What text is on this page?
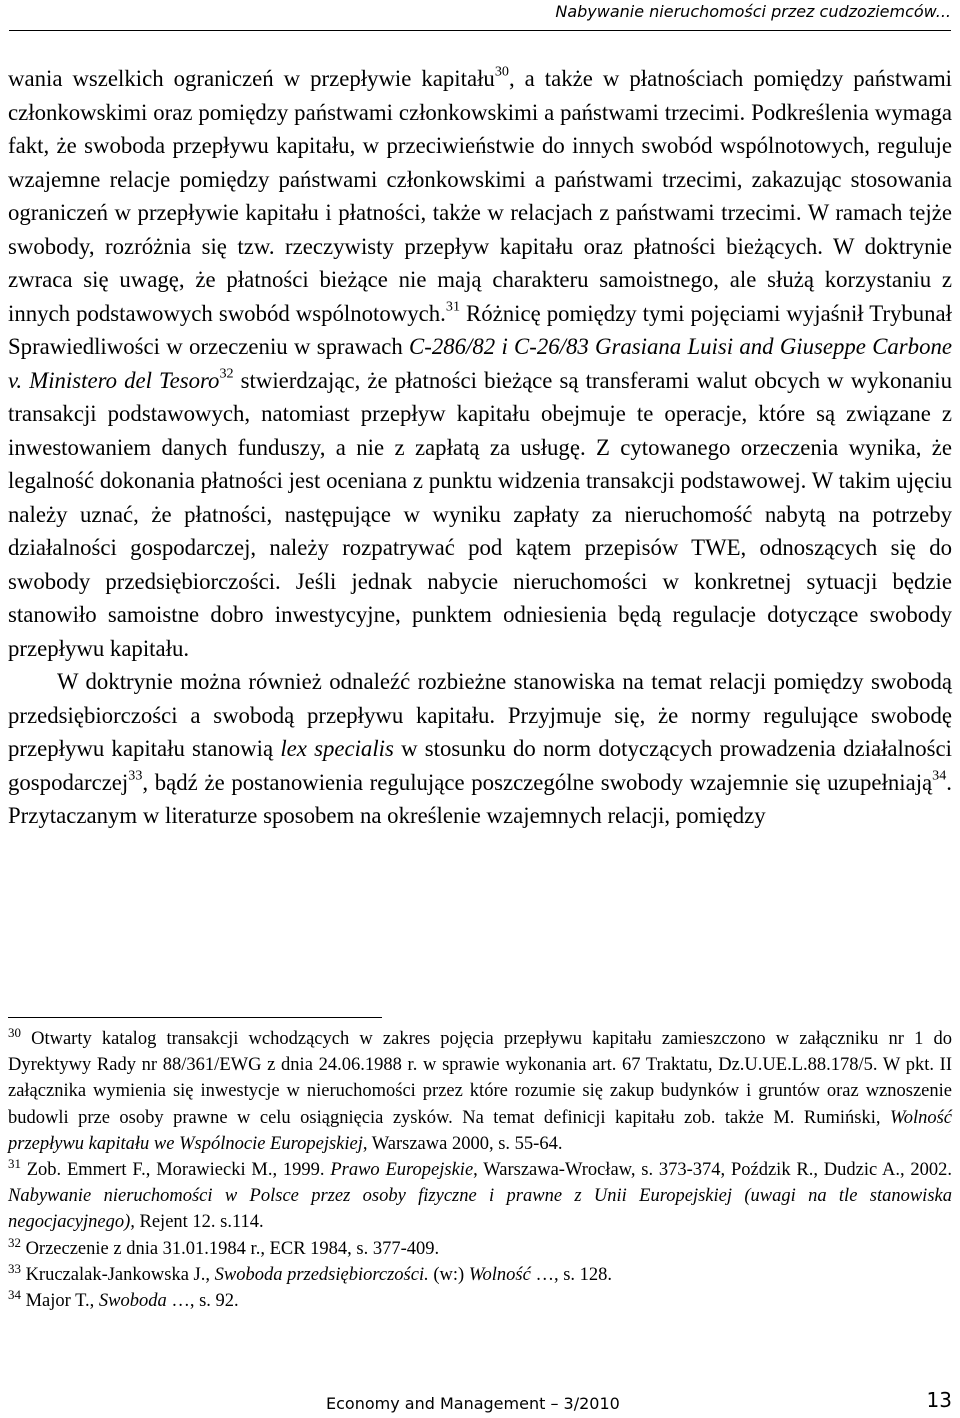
Nabywanie nieruchomości przez cudzoziemców...

wania wszelkich ograniczeń w przepływie kapitału$^{30}$, a także w płatnościach pomiędzy państwami członkowskimi oraz pomiędzy państwami członkowskimi a państwami trzecimi. Podkreślenia wymaga fakt, że swoboda przepływu kapitału, w przeciwieństwie do innych swobód wspólnotowych, reguluje wzajemne relacje pomiędzy państwami członkowskimi a państwami trzecimi, zakazując stosowania ograniczeń w przepływie kapitału i płatności, także w relacjach z państwami trzecimi. W ramach tejże swobody, rozróżnia się tzw. rzeczywisty przepływ kapitału oraz płatności bieżących. W doktrynie zwraca się uwagę, że płatności bieżące nie mają charakteru samoistnego, ale służą korzystaniu z innych podstawowych swobód wspólnotowych.$^{31}$ Różnicę pomiędzy tymi pojęciami wyjaśnił Trybunał Sprawiedliwości w orzeczeniu w sprawach C-286/82 i C-26/83 Grasiana Luisi and Giuseppe Carbone v. Ministero del Tesoro$^{32}$ stwierdzając, że płatności bieżące są transferami walut obcych w wykonaniu transakcji podstawowych, natomiast przepływ kapitału obejmuje te operacje, które są związane z inwestowaniem danych funduszy, a nie z zapłatą za usługę. Z cytowanego orzeczenia wynika, że legalność dokonania płatności jest oceniana z punktu widzenia transakcji podstawowej. W takim ujęciu należy uznać, że płatności, następujące w wyniku zapłaty za nieruchomość nabytą na potrzeby działalności gospodarczej, należy rozpatrywać pod kątem przepisów TWE, odnoszących się do swobody przedsiębiorczości. Jeśli jednak nabycie nieruchomości w konkretnej sytuacji będzie stanowiło samoistne dobro inwestycyjne, punktem odniesienia będą regulacje dotyczące swobody przepływu kapitału.

W doktrynie można również odnaleźć rozbieżne stanowiska na temat relacji pomiędzy swobodą przedsiębiorczości a swobodą przepływu kapitału. Przyjmuje się, że normy regulujące swobodę przepływu kapitału stanowią lex specialis w stosunku do norm dotyczących prowadzenia działalności gospodarczej$^{33}$, bądź że postanowienia regulujące poszczególne swobody wzajemnie się uzupełniają$^{34}$. Przytaczanym w literaturze sposobem na określenie wzajemnych relacji, pomiędzy

$^{30}$ Otwarty katalog transakcji wchodzących w zakres pojęcia przepływu kapitału zamieszczono w załączniku nr 1 do Dyrektywy Rady nr 88/361/EWG z dnia 24.06.1988 r. w sprawie wykonania art. 67 Traktatu, Dz.U.UE.L.88.178/5. W pkt. II załącznika wymienia się inwestycje w nieruchomości przez które rozumie się zakup budynków i gruntów oraz wznoszenie budowli prze osoby prawne w celu osiągnięcia zysków. Na temat definicji kapitału zob. także M. Rumiński, Wolność przepływu kapitału we Wspólnocie Europejskiej, Warszawa 2000, s. 55-64.

$^{31}$ Zob. Emmert F., Morawiecki M., 1999. Prawo Europejskie, Warszawa-Wrocław, s. 373-374, Poździk R., Dudzic A., 2002. Nabywanie nieruchomości w Polsce przez osoby fizyczne i prawne z Unii Europejskiej (uwagi na tle stanowiska negocjacyjnego), Rejent 12. s.114.

$^{32}$ Orzeczenie z dnia 31.01.1984 r., ECR 1984, s. 377-409.

$^{33}$ Kruczalak-Jankowska J., Swoboda przedsiębiorczości. (w:) Wolność …, s. 128.

$^{34}$ Major T., Swoboda …, s. 92.

Economy and Management – 3/2010	13
